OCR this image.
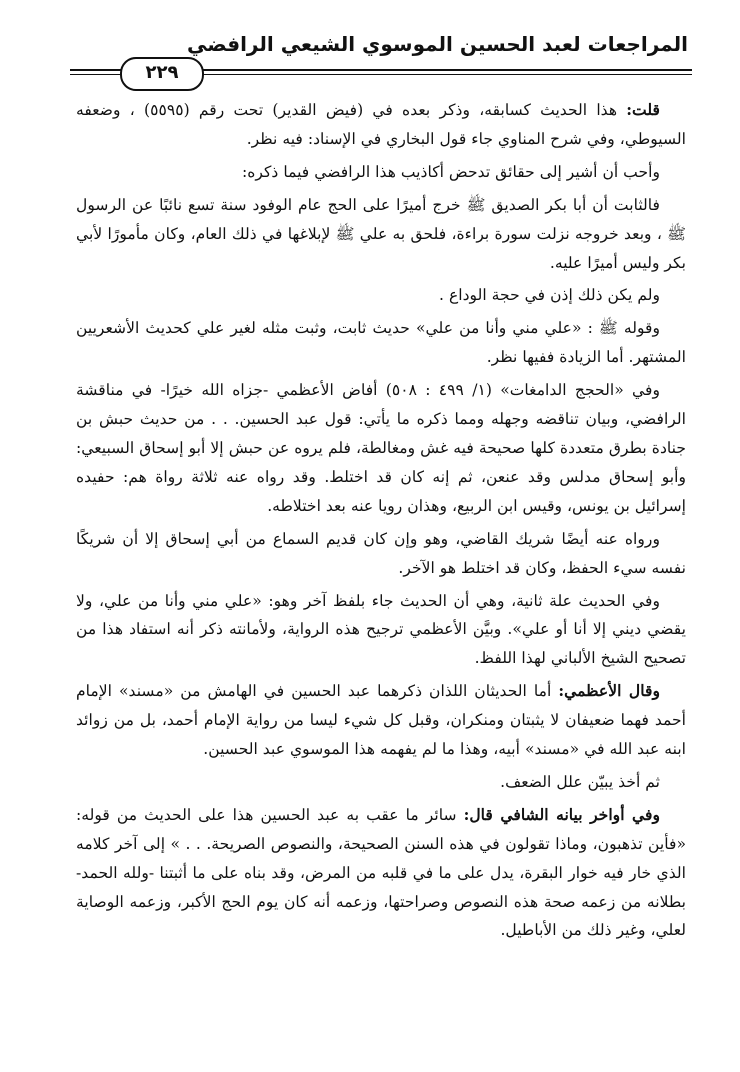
المراجعات لعبد الحسين الموسوي الشيعي الرافضي
٢٢٩

قلت: هذا الحديث كسابقه، وذكر بعده في (فيض القدير) تحت رقم (٥٥٩٥) ، وضعفه السيوطي، وفي شرح المناوي جاء قول البخاري في الإسناد: فيه نظر.

وأحب أن أشير إلى حقائق تدحض أكاذيب هذا الرافضي فيما ذكره:

فالثابت أن أبا بكر الصديق ﷺ خرج أميرًا على الحج عام الوفود سنة تسع نائبًا عن الرسول ﷺ ، وبعد خروجه نزلت سورة براءة، فلحق به علي ﷺ لإبلاغها في ذلك العام، وكان مأمورًا لأبي بكر وليس أميرًا عليه.

ولم يكن ذلك إذن في حجة الوداع .

وقوله ﷺ : «علي مني وأنا من علي» حديث ثابت، وثبت مثله لغير علي كحديث الأشعريين المشتهر. أما الزيادة ففيها نظر.

وفي «الحجج الدامغات» (١/ ٤٩٩ : ٥٠٨) أفاض الأعظمي -جزاه الله خيرًا- في مناقشة الرافضي، وبيان تناقضه وجهله ومما ذكره ما يأتي: قول عبد الحسين. . . من حديث حبش بن جنادة بطرق متعددة كلها صحيحة فيه غش ومغالطة، فلم يروه عن حبش إلا أبو إسحاق السبيعي: وأبو إسحاق مدلس وقد عنعن، ثم إنه كان قد اختلط. وقد رواه عنه ثلاثة رواة هم: حفيده إسرائيل بن يونس، وقيس ابن الربيع، وهذان رويا عنه بعد اختلاطه.

ورواه عنه أيضًا شريك القاضي، وهو وإن كان قديم السماع من أبي إسحاق إلا أن شريكًا نفسه سيء الحفظ، وكان قد اختلط هو الآخر.

وفي الحديث علة ثانية، وهي أن الحديث جاء بلفظ آخر وهو: «علي مني وأنا من علي، ولا يقضي ديني إلا أنا أو علي». وبيَّن الأعظمي ترجيح هذه الرواية، ولأمانته ذكر أنه استفاد هذا من تصحيح الشيخ الألباني لهذا اللفظ.

وقال الأعظمي: أما الحديثان اللذان ذكرهما عبد الحسين في الهامش من «مسند» الإمام أحمد فهما ضعيفان لا يثبتان ومنكران، وقبل كل شيء ليسا من رواية الإمام أحمد، بل من زوائد ابنه عبد الله في «مسند» أبيه، وهذا ما لم يفهمه هذا الموسوي عبد الحسين.

ثم أخذ يبيّن علل الضعف.

وفي أواخر بيانه الشافي قال: سائر ما عقب به عبد الحسين هذا على الحديث من قوله: «فأين تذهبون، وماذا تقولون في هذه السنن الصحيحة، والنصوص الصريحة. . . » إلى آخر كلامه الذي خار فيه خوار البقرة، يدل على ما في قلبه من المرض، وقد بناه على ما أثبتنا -ولله الحمد- بطلانه من زعمه صحة هذه النصوص وصراحتها، وزعمه أنه كان يوم الحج الأكبر، وزعمه الوصاية لعلي، وغير ذلك من الأباطيل.
